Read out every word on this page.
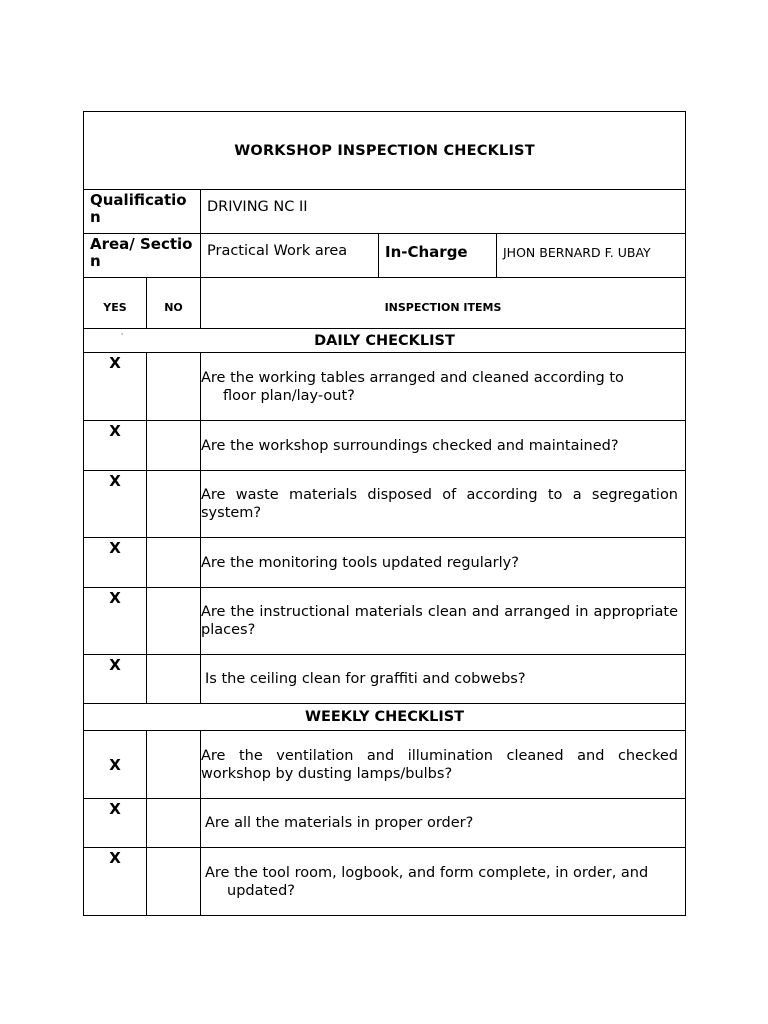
WORKSHOP INSPECTION CHECKLIST				
Qualification		DRIVING NC II		
Area/ Section		Practical Work area	In-Charge	JHON BERNARD F. UBAY
YES	NO	INSPECTION ITEMS		

· DAILY CHECKLIST				
X		Are the working tables arranged and cleaned according to
floor plan/lay-out?		

X		Are the workshop surroundings checked and maintained?		
X		Are waste materials disposed of according to a segregation system?		
X		Are the monitoring tools updated regularly?		
X		Are the instructional materials clean and arranged in appropriate places?		
X		Is the ceiling clean for graffiti and cobwebs?		
WEEKLY CHECKLIST				
X		Are the ventilation and illumination cleaned and checked workshop by dusting lamps/bulbs?		
X		Are all the materials in proper order?		
X		Are the tool room, logbook, and form complete, in order, and
updated?		
